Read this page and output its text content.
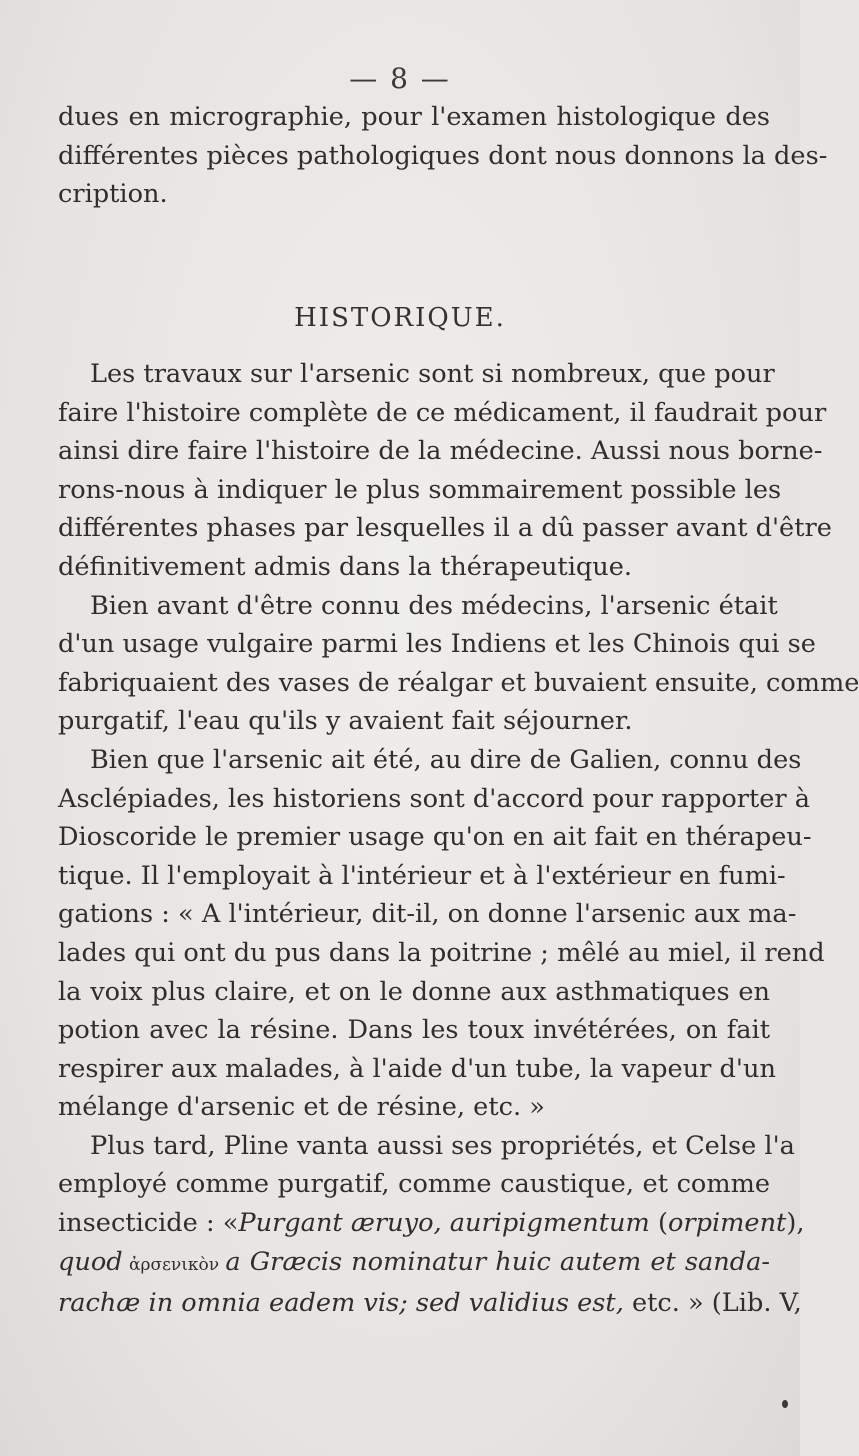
— 8 —
dues en micrographie, pour l'examen histologique des
différentes pièces pathologiques dont nous donnons la des-
cription.
HISTORIQUE.
Les travaux sur l'arsenic sont si nombreux, que pour
faire l'histoire complète de ce médicament, il faudrait pour
ainsi dire faire l'histoire de la médecine. Aussi nous borne-
rons-nous à indiquer le plus sommairement possible les
différentes phases par lesquelles il a dû passer avant d'être
définitivement admis dans la thérapeutique.
Bien avant d'être connu des médecins, l'arsenic était
d'un usage vulgaire parmi les Indiens et les Chinois qui se
fabriquaient des vases de réalgar et buvaient ensuite, comme
purgatif, l'eau qu'ils y avaient fait séjourner.
Bien que l'arsenic ait été, au dire de Galien, connu des
Asclépiades, les historiens sont d'accord pour rapporter à
Dioscoride le premier usage qu'on en ait fait en thérapeu-
tique. Il l'employait à l'intérieur et à l'extérieur en fumi-
gations : « A l'intérieur, dit-il, on donne l'arsenic aux ma-
lades qui ont du pus dans la poitrine ; mêlé au miel, il rend
la voix plus claire, et on le donne aux asthmatiques en
potion avec la résine. Dans les toux invétérées, on fait
respirer aux malades, à l'aide d'un tube, la vapeur d'un
mélange d'arsenic et de résine, etc. »
Plus tard, Pline vanta aussi ses propriétés, et Celse l'a
employé comme purgatif, comme caustique, et comme
insecticide : «Purgant æruyo, auripigmentum (orpiment),
quod ἀρσενικὸν a Græcis nominatur huic autem et sanda-
rachæ in omnia eadem vis; sed validius est, etc. » (Lib. V,
